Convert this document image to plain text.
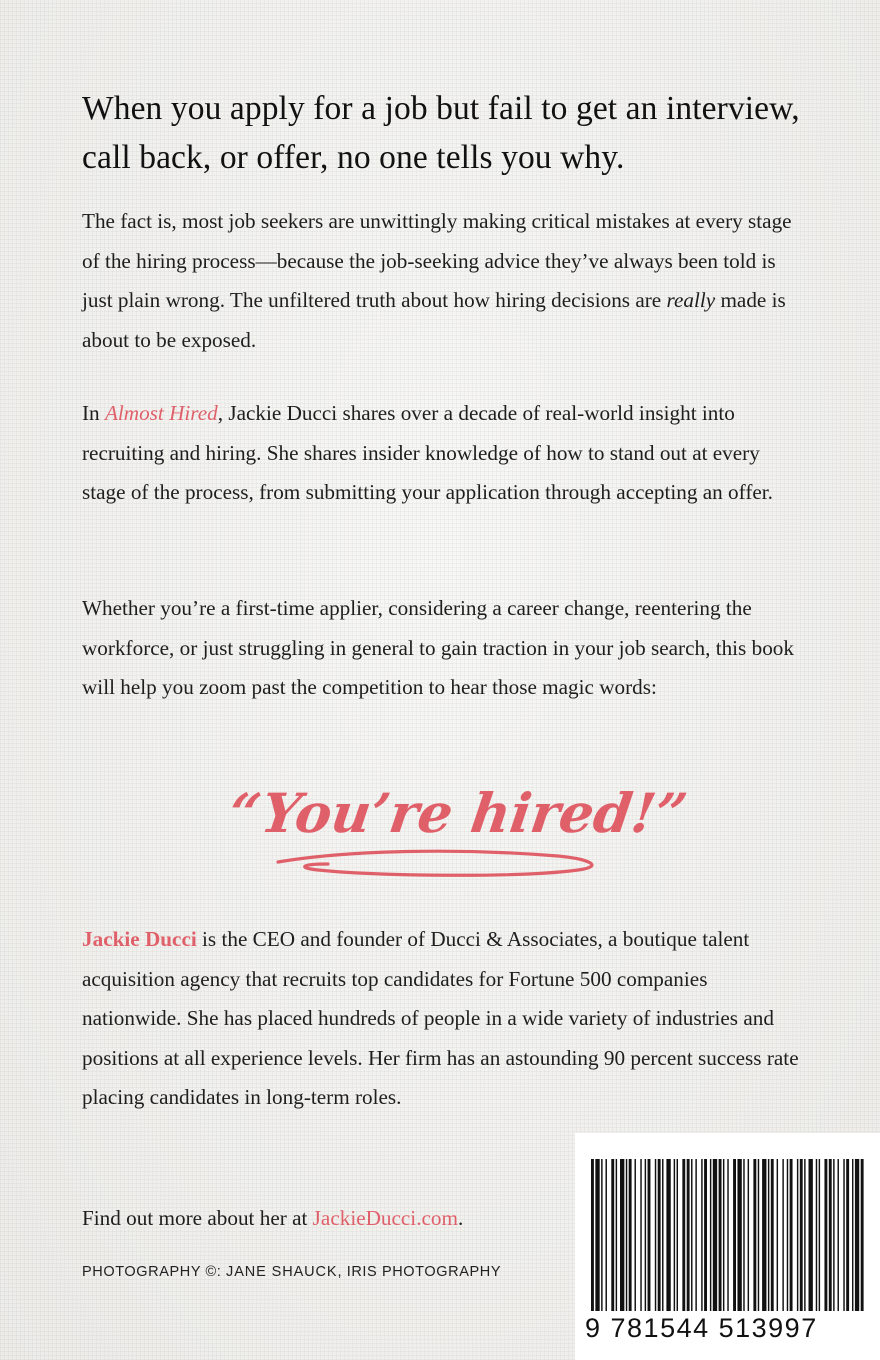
When you apply for a job but fail to get an interview, call back, or offer, no one tells you why.
The fact is, most job seekers are unwittingly making critical mistakes at every stage of the hiring process—because the job-seeking advice they’ve always been told is just plain wrong. The unfiltered truth about how hiring decisions are really made is about to be exposed.
In Almost Hired, Jackie Ducci shares over a decade of real-world insight into recruiting and hiring. She shares insider knowledge of how to stand out at every stage of the process, from submitting your application through accepting an offer.
Whether you’re a first-time applier, considering a career change, reentering the workforce, or just struggling in general to gain traction in your job search, this book will help you zoom past the competition to hear those magic words:
“You’re hired!”
Jackie Ducci is the CEO and founder of Ducci & Associates, a boutique talent acquisition agency that recruits top candidates for Fortune 500 companies nationwide. She has placed hundreds of people in a wide variety of industries and positions at all experience levels. Her firm has an astounding 90 percent success rate placing candidates in long-term roles.
Find out more about her at JackieDucci.com.
PHOTOGRAPHY ©: JANE SHAUCK, IRIS PHOTOGRAPHY
9 781544 513997
